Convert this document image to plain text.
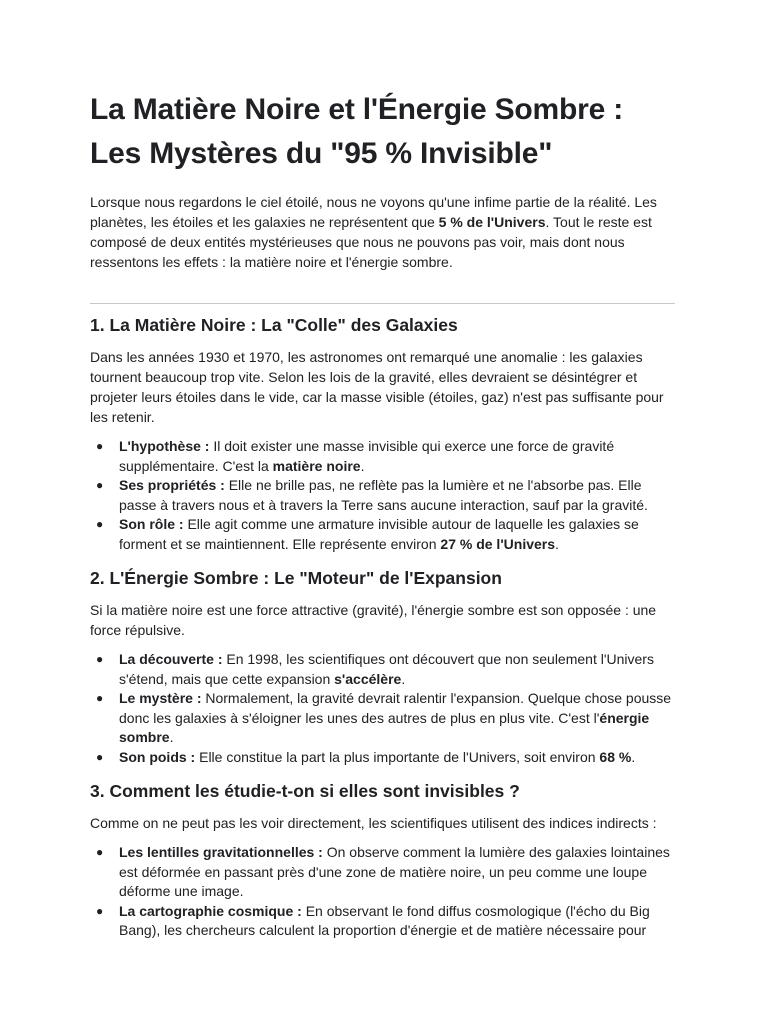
La Matière Noire et l'Énergie Sombre :
Les Mystères du "95 % Invisible"

Lorsque nous regardons le ciel étoilé, nous ne voyons qu'une infime partie de la réalité. Les planètes, les étoiles et les galaxies ne représentent que 5 % de l'Univers. Tout le reste est composé de deux entités mystérieuses que nous ne pouvons pas voir, mais dont nous ressentons les effets : la matière noire et l'énergie sombre.

1. La Matière Noire : La "Colle" des Galaxies

Dans les années 1930 et 1970, les astronomes ont remarqué une anomalie : les galaxies tournent beaucoup trop vite. Selon les lois de la gravité, elles devraient se désintégrer et projeter leurs étoiles dans le vide, car la masse visible (étoiles, gaz) n'est pas suffisante pour les retenir.

● L'hypothèse : Il doit exister une masse invisible qui exerce une force de gravité supplémentaire. C'est la matière noire.
● Ses propriétés : Elle ne brille pas, ne reflète pas la lumière et ne l'absorbe pas. Elle passe à travers nous et à travers la Terre sans aucune interaction, sauf par la gravité.
● Son rôle : Elle agit comme une armature invisible autour de laquelle les galaxies se forment et se maintiennent. Elle représente environ 27 % de l'Univers.
2. L'Énergie Sombre : Le "Moteur" de l'Expansion

Si la matière noire est une force attractive (gravité), l'énergie sombre est son opposée : une force répulsive.

● La découverte : En 1998, les scientifiques ont découvert que non seulement l'Univers s'étend, mais que cette expansion s'accélère.
● Le mystère : Normalement, la gravité devrait ralentir l'expansion. Quelque chose pousse donc les galaxies à s'éloigner les unes des autres de plus en plus vite. C'est l'énergie sombre.
● Son poids : Elle constitue la part la plus importante de l'Univers, soit environ 68 %.
3. Comment les étudie-t-on si elles sont invisibles ?

Comme on ne peut pas les voir directement, les scientifiques utilisent des indices indirects :

● Les lentilles gravitationnelles : On observe comment la lumière des galaxies lointaines est déformée en passant près d'une zone de matière noire, un peu comme une loupe déforme une image.
● La cartographie cosmique : En observant le fond diffus cosmologique (l'écho du Big Bang), les chercheurs calculent la proportion d'énergie et de matière nécessaire pour
